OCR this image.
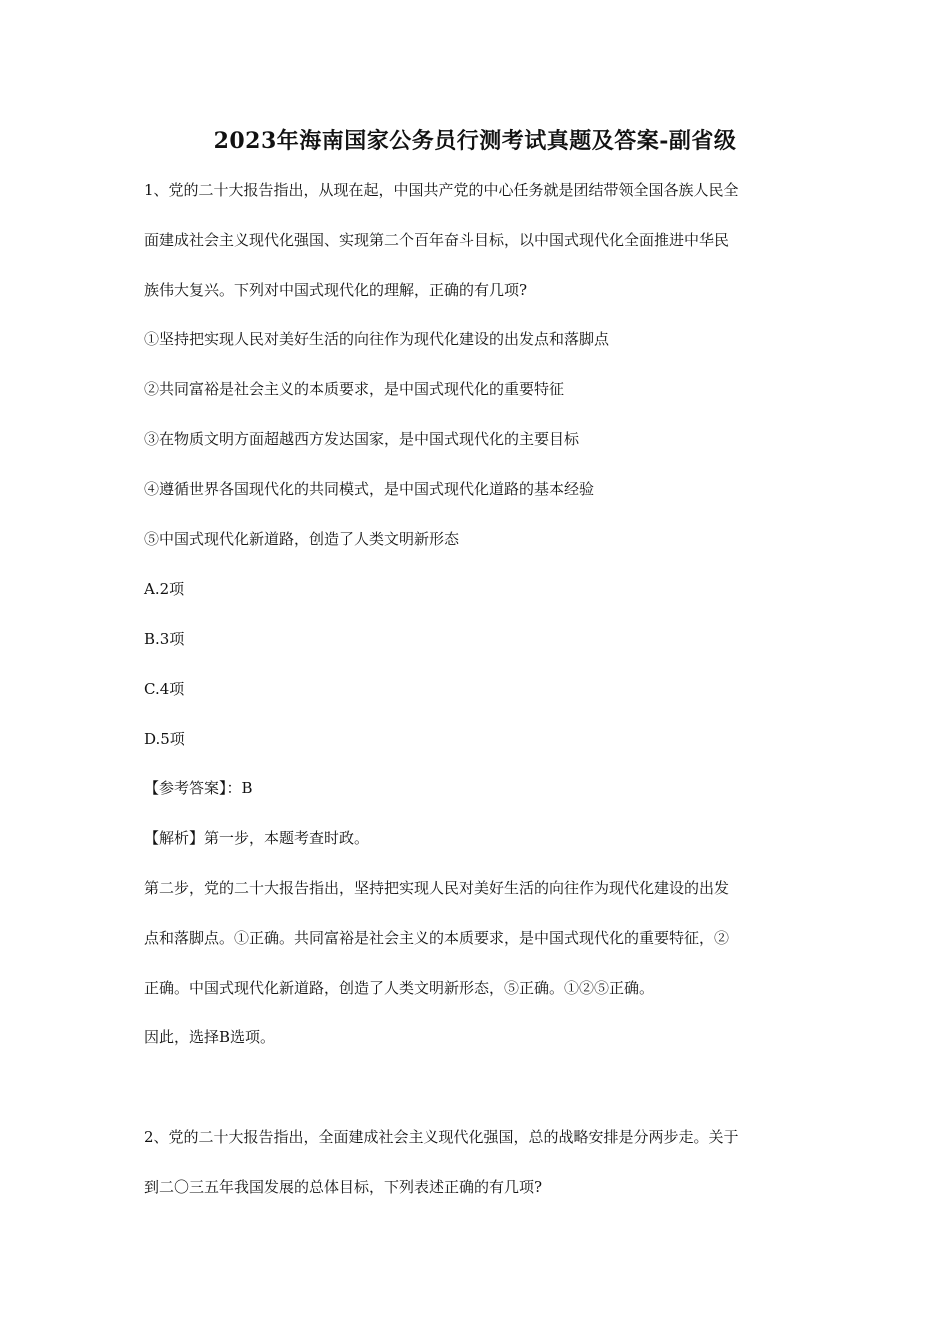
2023年海南国家公务员行测考试真题及答案-副省级
1、党的二十大报告指出，从现在起，中国共产党的中心任务就是团结带领全国各族人民全
面建成社会主义现代化强国、实现第二个百年奋斗目标，以中国式现代化全面推进中华民
族伟大复兴。下列对中国式现代化的理解，正确的有几项?
①坚持把实现人民对美好生活的向往作为现代化建设的出发点和落脚点
②共同富裕是社会主义的本质要求，是中国式现代化的重要特征
③在物质文明方面超越西方发达国家，是中国式现代化的主要目标
④遵循世界各国现代化的共同模式，是中国式现代化道路的基本经验
⑤中国式现代化新道路，创造了人类文明新形态
A.2项
B.3项
C.4项
D.5项
【参考答案】：B
【解析】第一步，本题考查时政。
第二步，党的二十大报告指出，坚持把实现人民对美好生活的向往作为现代化建设的出发
点和落脚点。①正确。共同富裕是社会主义的本质要求，是中国式现代化的重要特征，②
正确。中国式现代化新道路，创造了人类文明新形态，⑤正确。①②⑤正确。
因此，选择B选项。
2、党的二十大报告指出，全面建成社会主义现代化强国，总的战略安排是分两步走。关于
到二〇三五年我国发展的总体目标，下列表述正确的有几项?
